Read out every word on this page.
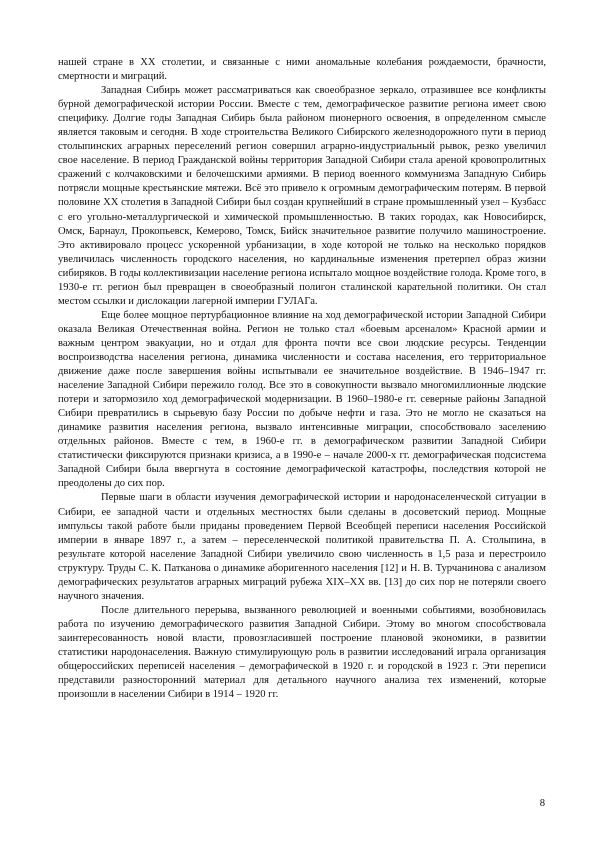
нашей стране в ХХ столетии, и связанные с ними аномальные колебания рождаемости, брачности, смертности и миграций.

Западная Сибирь может рассматриваться как своеобразное зеркало, отразившее все конфликты бурной демографической истории России. Вместе с тем, демографическое развитие региона имеет свою специфику. Долгие годы Западная Сибирь была районом пионерного освоения, в определенном смысле является таковым и сегодня. В ходе строительства Великого Сибирского железнодорожного пути в период столыпинских аграрных переселений регион совершил аграрно-индустриальный рывок, резко увеличил свое население. В период Гражданской войны территория Западной Сибири стала ареной кровопролитных сражений с колчаковскими и белочешскими армиями. В период военного коммунизма Западную Сибирь потрясли мощные крестьянские мятежи. Всё это привело к огромным демографическим потерям. В первой половине ХХ столетия в Западной Сибири был создан крупнейший в стране промышленный узел – Кузбасс с его угольно-металлургической и химической промышленностью. В таких городах, как Новосибирск, Омск, Барнаул, Прокопьевск, Кемерово, Томск, Бийск значительное развитие получило машиностроение. Это активировало процесс ускоренной урбанизации, в ходе которой не только на несколько порядков увеличилась численность городского населения, но кардинальные изменения претерпел образ жизни сибиряков. В годы коллективизации население региона испытало мощное воздействие голода. Кроме того, в 1930-е гг. регион был превращен в своеобразный полигон сталинской карательной политики. Он стал местом ссылки и дислокации лагерной империи ГУЛАГа.

Еще более мощное пертурбационное влияние на ход демографической истории Западной Сибири оказала Великая Отечественная война. Регион не только стал «боевым арсеналом» Красной армии и важным центром эвакуации, но и отдал для фронта почти все свои людские ресурсы. Тенденции воспроизводства населения региона, динамика численности и состава населения, его территориальное движение даже после завершения войны испытывали ее значительное воздействие. В 1946–1947 гг. население Западной Сибири пережило голод. Все это в совокупности вызвало многомиллионные людские потери и затормозило ход демографической модернизации. В 1960–1980-е гг. северные районы Западной Сибири превратились в сырьевую базу России по добыче нефти и газа. Это не могло не сказаться на динамике развития населения региона, вызвало интенсивные миграции, способствовало заселению отдельных районов. Вместе с тем, в 1960-е гг. в демографическом развитии Западной Сибири статистически фиксируются признаки кризиса, а в 1990-е – начале 2000-х гг. демографическая подсистема Западной Сибири была ввергнута в состояние демографической катастрофы, последствия которой не преодолены до сих пор.

Первые шаги в области изучения демографической истории и народонаселенческой ситуации в Сибири, ее западной части и отдельных местностях были сделаны в досоветский период. Мощные импульсы такой работе были приданы проведением Первой Всеобщей переписи населения Российской империи в январе 1897 г., а затем – переселенческой политикой правительства П. А. Столыпина, в результате которой население Западной Сибири увеличило свою численность в 1,5 раза и перестроило структуру. Труды С. К. Патканова о динамике аборигенного населения [12] и Н. В. Турчанинова с анализом демографических результатов аграрных миграций рубежа XIX–XX вв. [13] до сих пор не потеряли своего научного значения.

После длительного перерыва, вызванного революцией и военными событиями, возобновилась работа по изучению демографического развития Западной Сибири. Этому во многом способствовала заинтересованность новой власти, провозгласившей построение плановой экономики, в развитии статистики народонаселения. Важную стимулирующую роль в развитии исследований играла организация общероссийских переписей населения – демографической в 1920 г. и городской в 1923 г. Эти переписи представили разносторонний материал для детального научного анализа тех изменений, которые произошли в населении Сибири в 1914 – 1920 гг.

8
